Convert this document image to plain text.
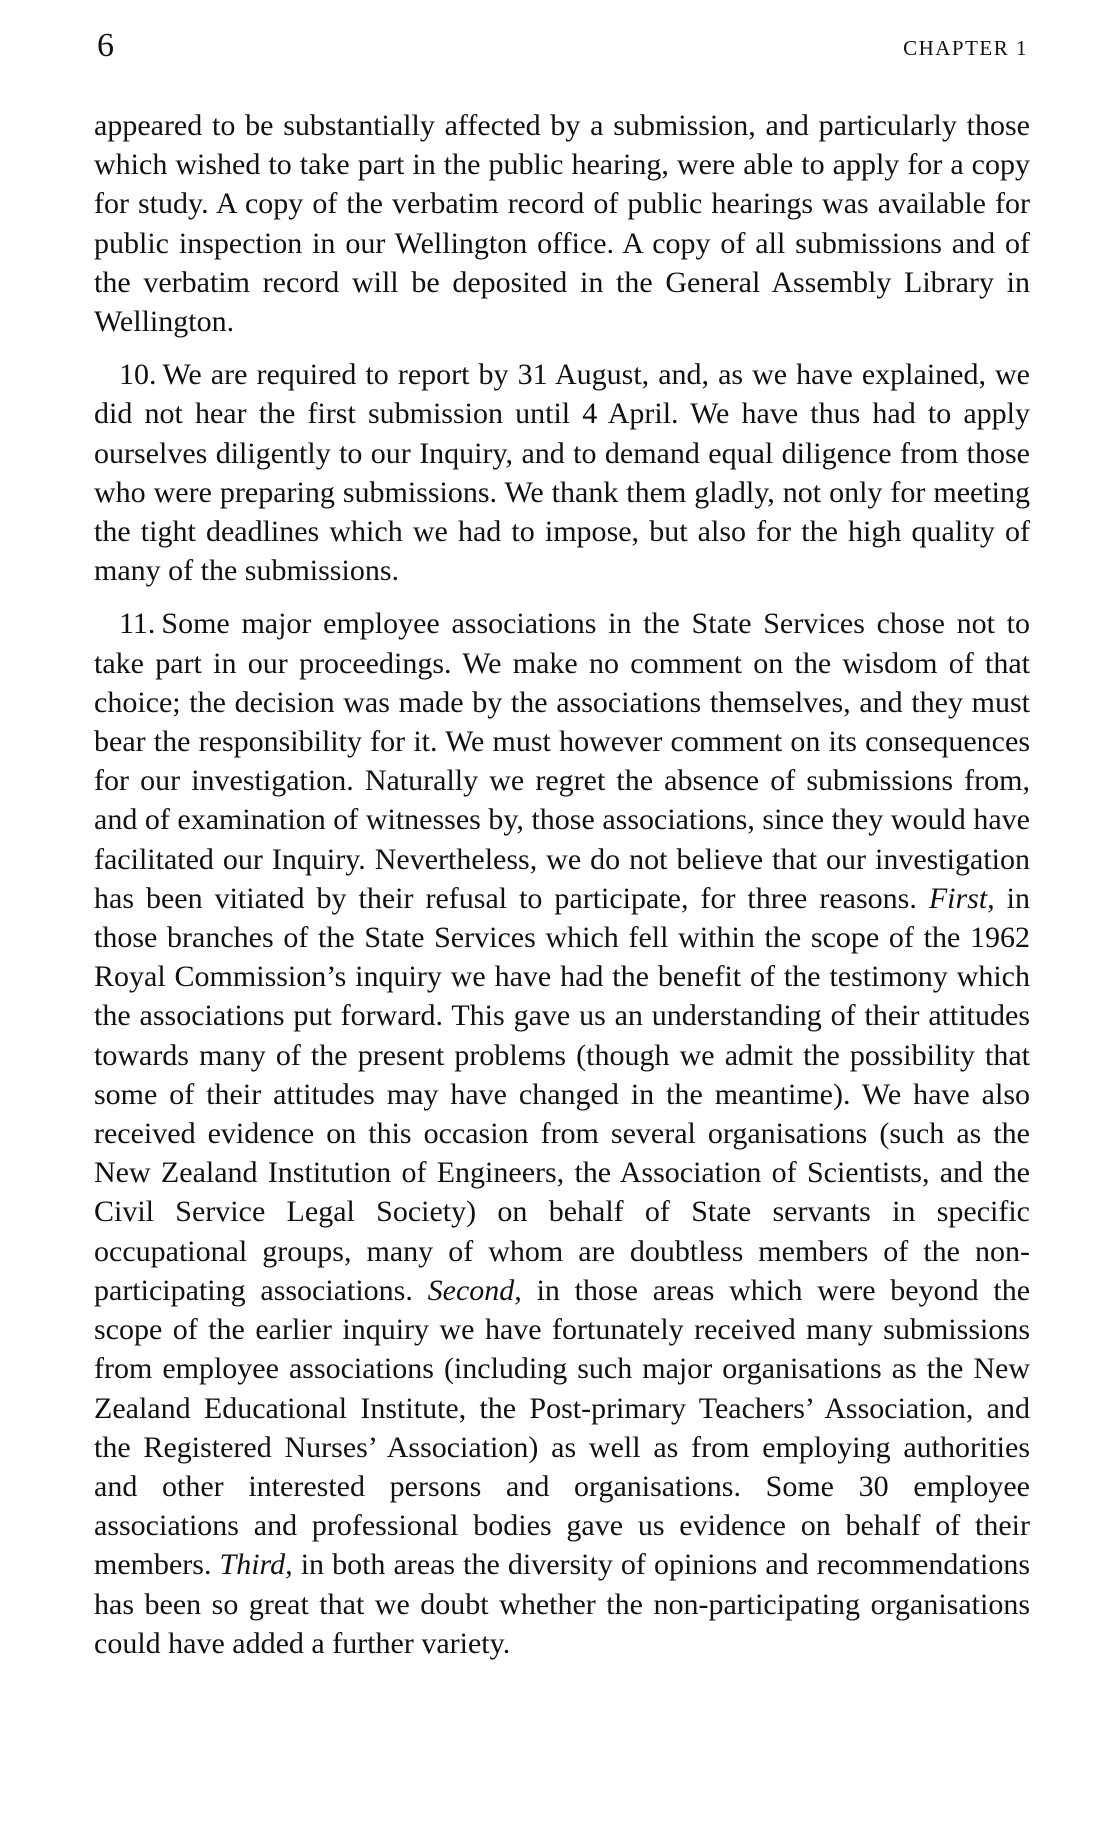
6	CHAPTER 1

appeared to be substantially affected by a submission, and particularly those which wished to take part in the public hearing, were able to apply for a copy for study. A copy of the verbatim record of public hearings was available for public inspection in our Wellington office. A copy of all submissions and of the verbatim record will be deposited in the General Assembly Library in Wellington.

10. We are required to report by 31 August, and, as we have explained, we did not hear the first submission until 4 April. We have thus had to apply ourselves diligently to our Inquiry, and to demand equal diligence from those who were preparing submissions. We thank them gladly, not only for meeting the tight deadlines which we had to impose, but also for the high quality of many of the submissions.

11. Some major employee associations in the State Services chose not to take part in our proceedings. We make no comment on the wisdom of that choice; the decision was made by the associations themselves, and they must bear the responsibility for it. We must however comment on its consequences for our investigation. Naturally we regret the absence of submissions from, and of examination of witnesses by, those associations, since they would have facilitated our Inquiry. Nevertheless, we do not believe that our investigation has been vitiated by their refusal to participate, for three reasons. First, in those branches of the State Services which fell within the scope of the 1962 Royal Commission’s inquiry we have had the benefit of the testimony which the associations put forward. This gave us an understanding of their attitudes towards many of the present problems (though we admit the possibility that some of their attitudes may have changed in the meantime). We have also received evidence on this occasion from several organisations (such as the New Zealand Institution of Engineers, the Association of Scientists, and the Civil Service Legal Society) on behalf of State servants in specific occupational groups, many of whom are doubtless members of the non-participating associations. Second, in those areas which were beyond the scope of the earlier inquiry we have fortunately received many submissions from employee associations (including such major organisations as the New Zealand Educational Institute, the Post-primary Teachers’ Association, and the Registered Nurses’ Association) as well as from employing authorities and other interested persons and organisations. Some 30 employee associations and professional bodies gave us evidence on behalf of their members. Third, in both areas the diversity of opinions and recommendations has been so great that we doubt whether the non-participating organisations could have added a further variety.
